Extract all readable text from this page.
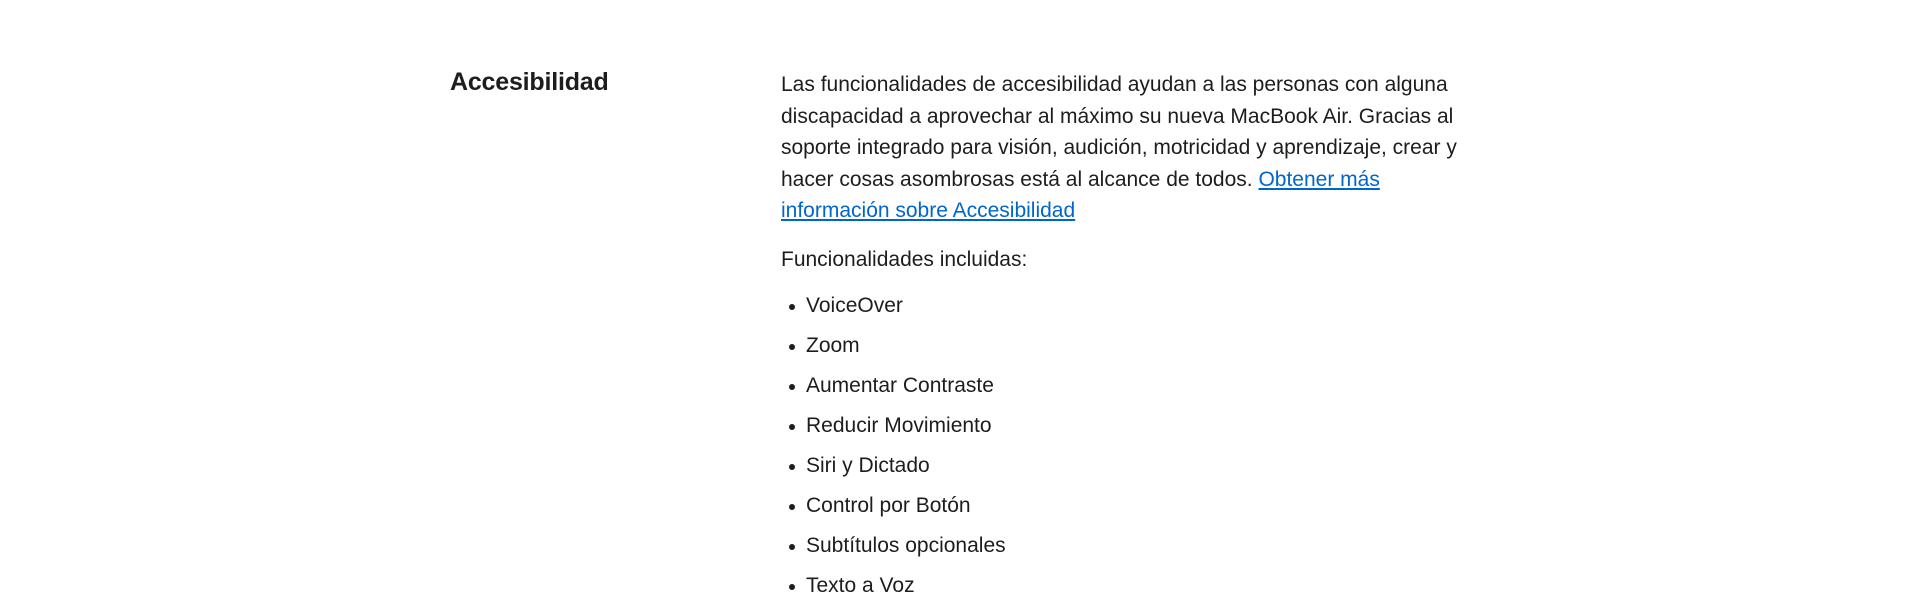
Accesibilidad	Las funcionalidades de accesibilidad ayudan a las personas con alguna discapacidad a aprovechar al máximo su nueva MacBook Air. Gracias al soporte integrado para visión, audición, motricidad y aprendizaje, crear y hacer cosas asombrosas está al alcance de todos. Obtener más información sobre Accesibilidad

Funcionalidades incluidas:

VoiceOver
Zoom
Aumentar Contraste
Reducir Movimiento
Siri y Dictado
Control por Botón
Subtítulos opcionales
Texto a Voz
